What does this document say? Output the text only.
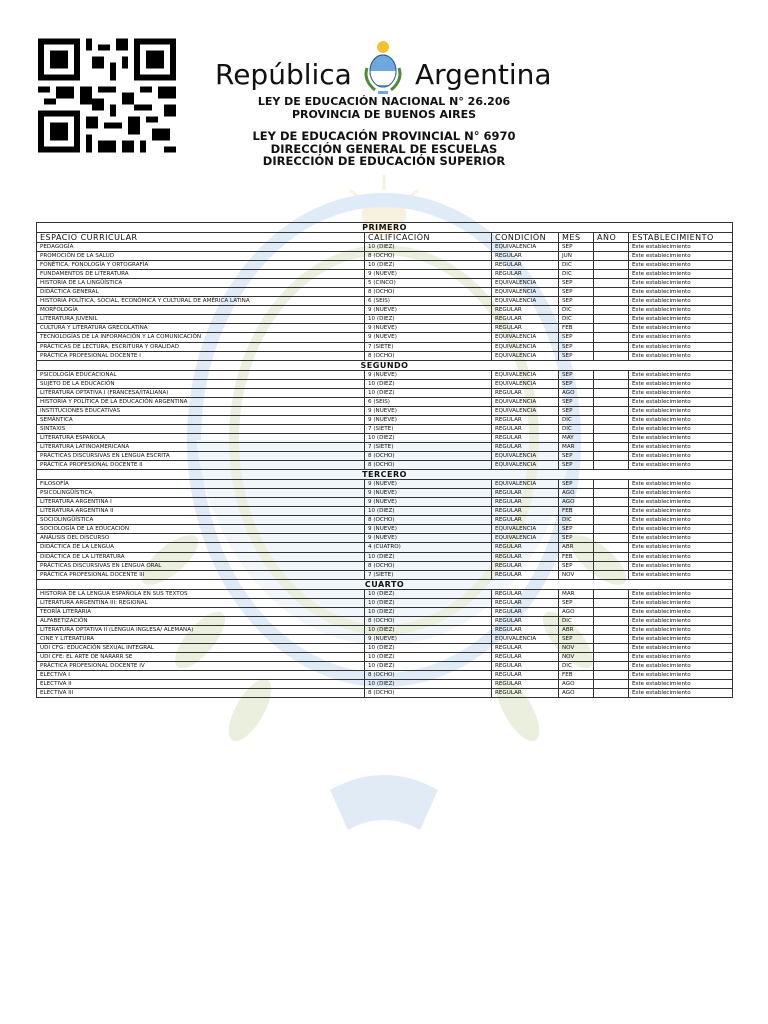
República Argentina
LEY DE EDUCACIÓN NACIONAL N° 26.206
PROVINCIA DE BUENOS AIRES
LEY DE EDUCACIÓN PROVINCIAL N° 6970
DIRECCIÓN GENERAL DE ESCUELAS
DIRECCIÓN DE EDUCACIÓN SUPERIOR
PRIMERO					
ESPACIO CURRICULAR	CALIFICACIÓN	CONDICIÓN	MES	AÑO	ESTABLECIMIENTO
PEDAGOGÍA	10 (DIEZ)	EQUIVALENCIA	SEP		Este establecimiento
PROMOCIÓN DE LA SALUD	8 (OCHO)	REGULAR	JUN		Este establecimiento
FONÉTICA, FONOLOGÍA Y ORTOGRAFÍA	10 (DIEZ)	REGULAR	DIC		Este establecimiento
FUNDAMENTOS DE LITERATURA	9 (NUEVE)	REGULAR	DIC		Este establecimiento
HISTORIA DE LA LINGÜÍSTICA	5 (CINCO)	EQUIVALENCIA	SEP		Este establecimiento
DIDÁCTICA GENERAL	8 (OCHO)	EQUIVALENCIA	SEP		Este establecimiento
HISTORIA POLÍTICA, SOCIAL, ECONÓMICA Y CULTURAL DE AMÉRICA LATINA	6 (SEIS)	EQUIVALENCIA	SEP		Este establecimiento
MORFOLOGÍA	9 (NUEVE)	REGULAR	DIC		Este establecimiento
LITERATURA JUVENIL	10 (DIEZ)	REGULAR	DIC		Este establecimiento
CULTURA Y LITERATURA GRECOLATINA	9 (NUEVE)	REGULAR	FEB		Este establecimiento
TECNOLOGÍAS DE LA INFORMACIÓN Y LA COMUNICACIÓN	9 (NUEVE)	EQUIVALENCIA	SEP		Este establecimiento
PRÁCTICAS DE LECTURA, ESCRITURA Y ORALIDAD	7 (SIETE)	EQUIVALENCIA	SEP		Este establecimiento
PRÁCTICA PROFESIONAL DOCENTE I	8 (OCHO)	EQUIVALENCIA	SEP		Este establecimiento
SEGUNDO					
PSICOLOGÍA EDUCACIONAL	9 (NUEVE)	EQUIVALENCIA	SEP		Este establecimiento
SUJETO DE LA EDUCACIÓN	10 (DIEZ)	EQUIVALENCIA	SEP		Este establecimiento
LITERATURA OPTATIVA I (FRANCESA/ITALIANA)	10 (DIEZ)	REGULAR	AGO		Este establecimiento
HISTORIA Y POLÍTICA DE LA EDUCACIÓN ARGENTINA	6 (SEIS)	EQUIVALENCIA	SEP		Este establecimiento
INSTITUCIONES EDUCATIVAS	9 (NUEVE)	EQUIVALENCIA	SEP		Este establecimiento
SEMÁNTICA	9 (NUEVE)	REGULAR	DIC		Este establecimiento
SINTAXIS	7 (SIETE)	REGULAR	DIC		Este establecimiento
LITERATURA ESPAÑOLA	10 (DIEZ)	REGULAR	MAY		Este establecimiento
LITERATURA LATINOAMERICANA	7 (SIETE)	REGULAR	MAR		Este establecimiento
PRÁCTICAS DISCURSIVAS EN LENGUA ESCRITA	8 (OCHO)	EQUIVALENCIA	SEP		Este establecimiento
PRÁCTICA PROFESIONAL DOCENTE II	8 (OCHO)	EQUIVALENCIA	SEP		Este establecimiento
TERCERO					
FILOSOFÍA	9 (NUEVE)	EQUIVALENCIA	SEP		Este establecimiento
PSICOLINGÜÍSTICA	9 (NUEVE)	REGULAR	AGO		Este establecimiento
LITERATURA ARGENTINA I	9 (NUEVE)	REGULAR	AGO		Este establecimiento
LITERATURA ARGENTINA II	10 (DIEZ)	REGULAR	FEB		Este establecimiento
SOCIOLINGÜÍSTICA	8 (OCHO)	REGULAR	DIC		Este establecimiento
SOCIOLOGÍA DE LA EDUCACIÓN	9 (NUEVE)	EQUIVALENCIA	SEP		Este establecimiento
ANÁLISIS DEL DISCURSO	9 (NUEVE)	EQUIVALENCIA	SEP		Este establecimiento
DIDÁCTICA DE LA LENGUA	4 (CUATRO)	REGULAR	ABR		Este establecimiento
DIDÁCTICA DE LA LITERATURA	10 (DIEZ)	REGULAR	FEB		Este establecimiento
PRÁCTICAS DISCURSIVAS EN LENGUA ORAL	8 (OCHO)	REGULAR	SEP		Este establecimiento
PRÁCTICA PROFESIONAL DOCENTE III	7 (SIETE)	REGULAR	NOV		Este establecimiento
CUARTO					
HISTORIA DE LA LENGUA ESPAÑOLA EN SUS TEXTOS	10 (DIEZ)	REGULAR	MAR		Este establecimiento
LITERATURA ARGENTINA III: REGIONAL	10 (DIEZ)	REGULAR	SEP		Este establecimiento
TEORÍA LITERARIA	10 (DIEZ)	REGULAR	AGO		Este establecimiento
ALFABETIZACIÓN	8 (OCHO)	REGULAR	DIC		Este establecimiento
LITERATURA OPTATIVA II (LENGUA INGLESA/ ALEMANA)	10 (DIEZ)	REGULAR	ABR		Este establecimiento
CINE Y LITERATURA	9 (NUEVE)	EQUIVALENCIA	SEP		Este establecimiento
UDI CFG: EDUCACIÓN SEXUAL INTEGRAL	10 (DIEZ)	REGULAR	NOV		Este establecimiento
UDI CFE: EL ARTE DE NARARR SE	10 (DIEZ)	REGULAR	NOV		Este establecimiento
PRÁCTICA PROFESIONAL DOCENTE IV	10 (DIEZ)	REGULAR	DIC		Este establecimiento
ELECTIVA I	8 (OCHO)	REGULAR	FEB		Este establecimiento
ELECTIVA II	10 (DIEZ)	REGULAR	AGO		Este establecimiento
ELECTIVA III	8 (OCHO)	REGULAR	AGO		Este establecimiento
